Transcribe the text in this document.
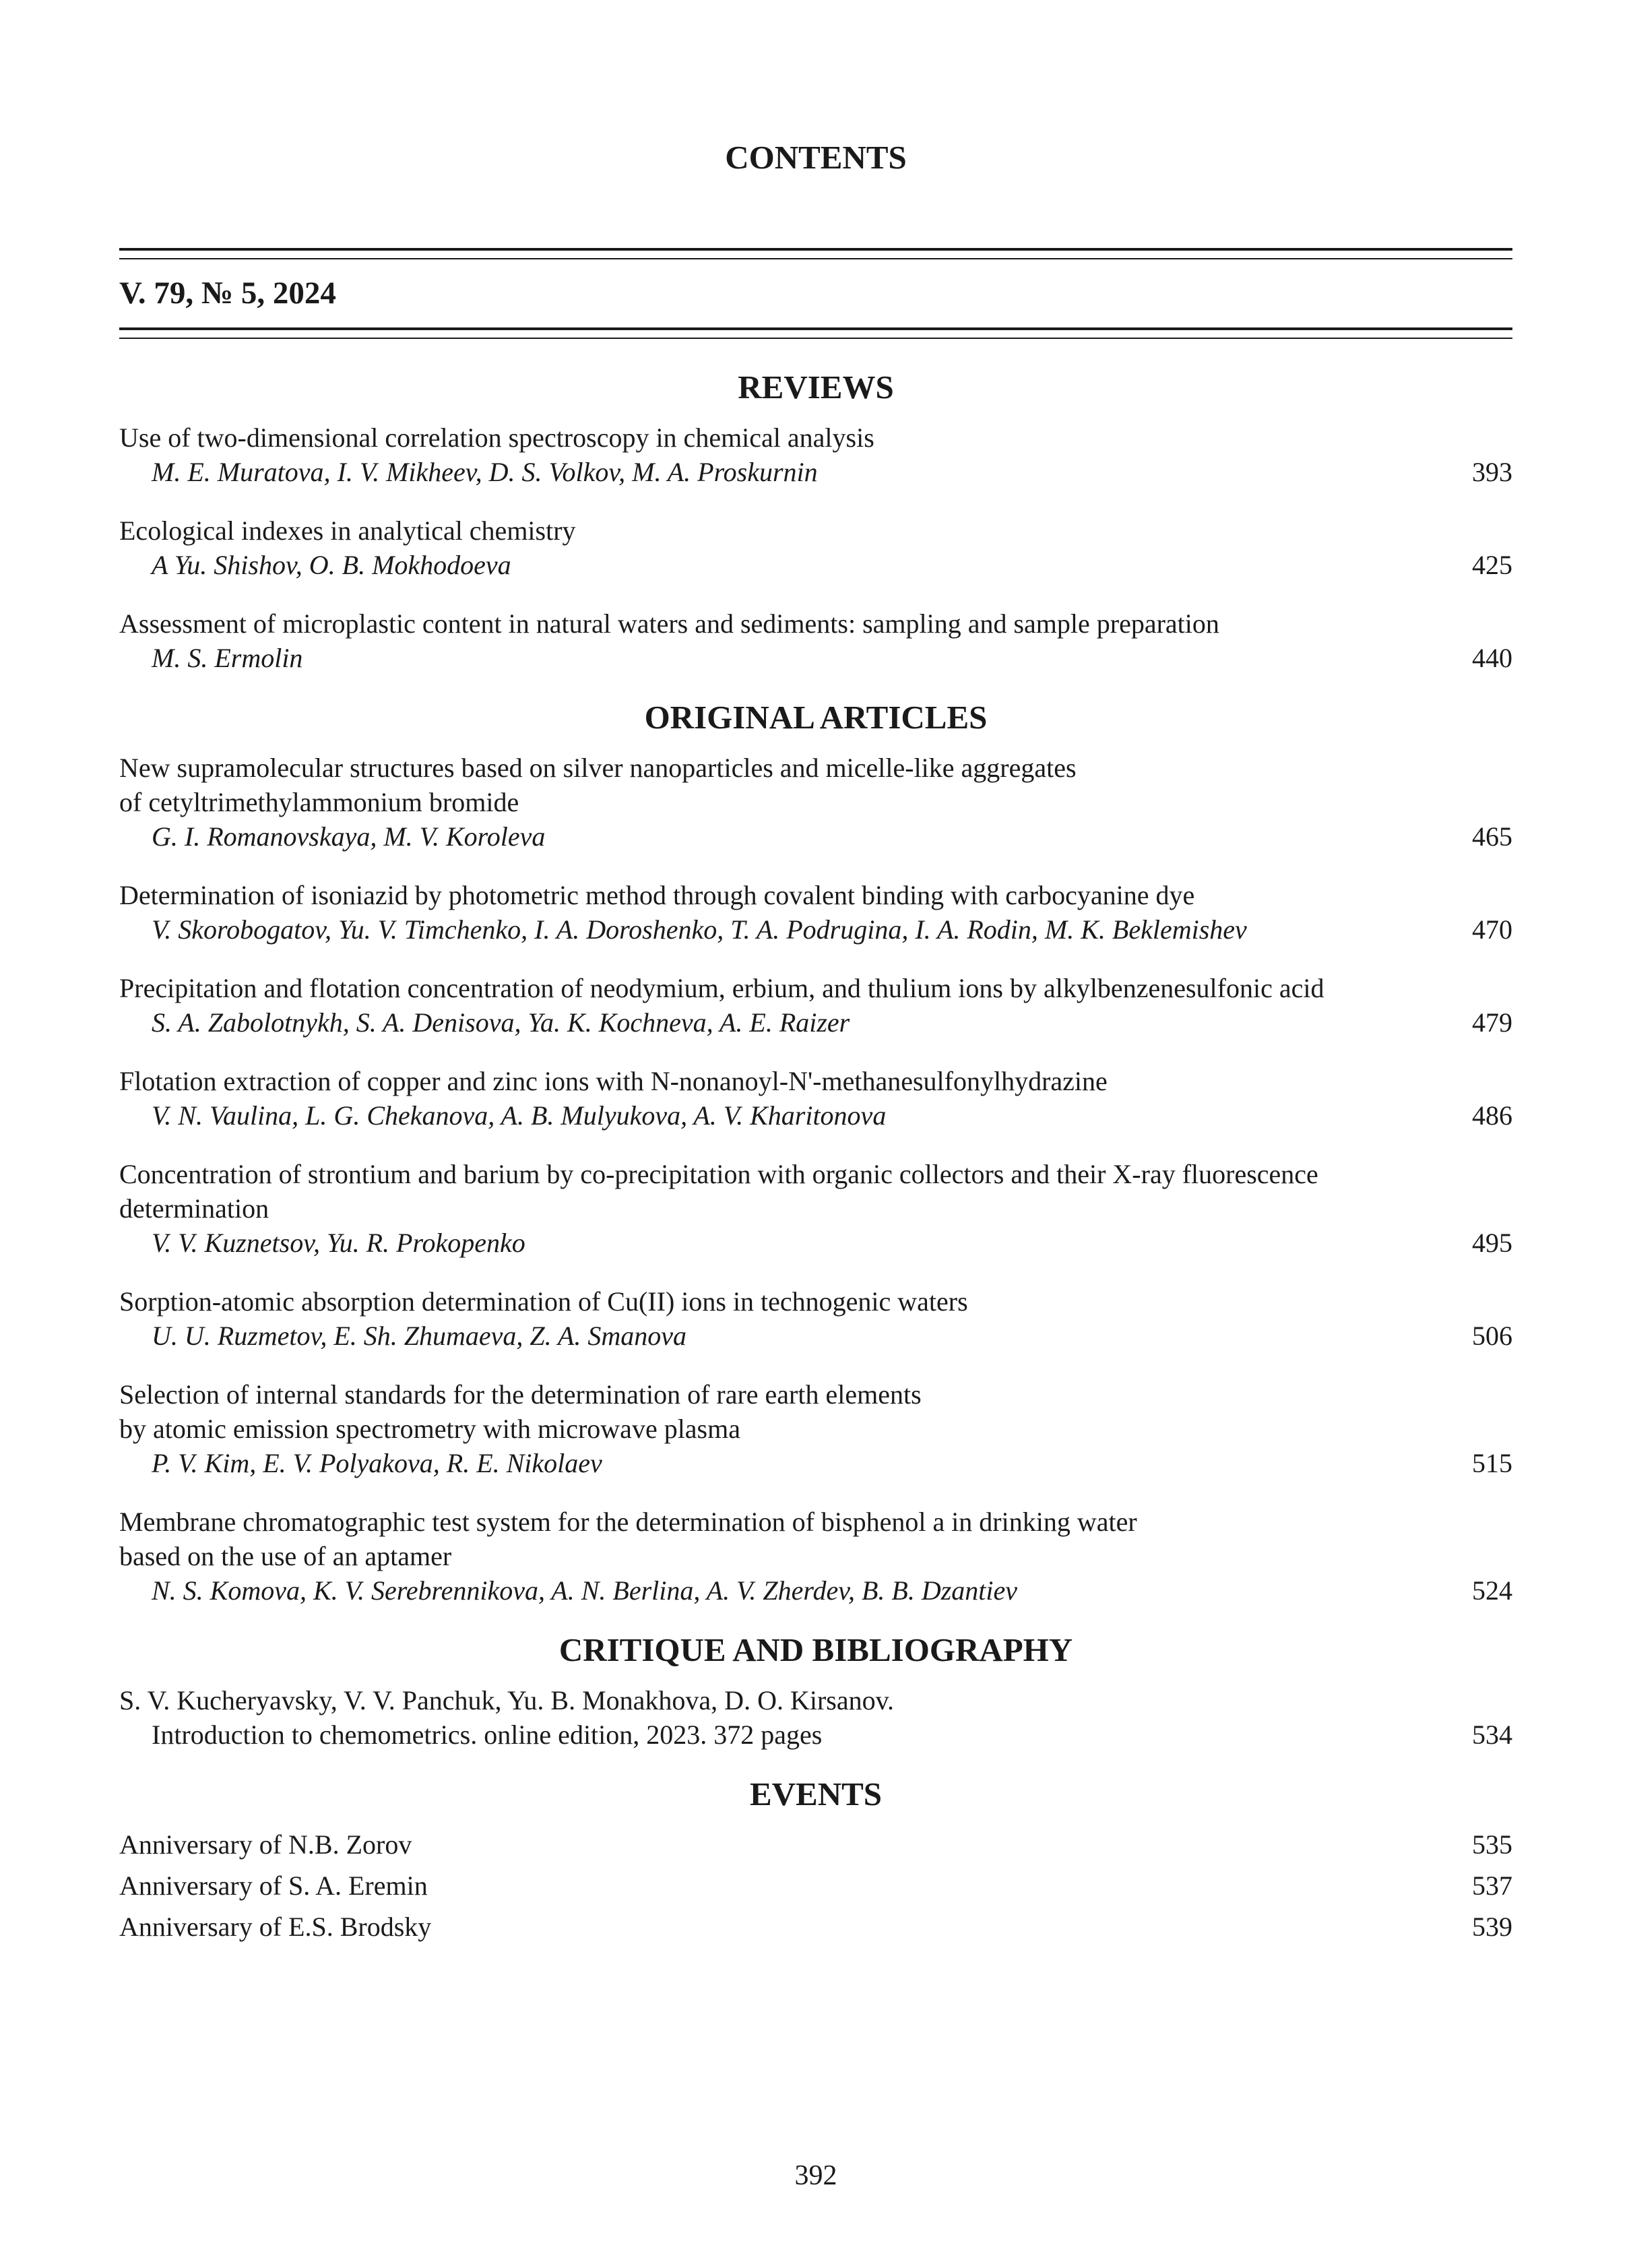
CONTENTS
V. 79, № 5, 2024
REVIEWS
Use of two-dimensional correlation spectroscopy in chemical analysis
M. E. Muratova, I. V. Mikheev, D. S. Volkov, M. A. Proskurnin	393
Ecological indexes in analytical chemistry
A Yu. Shishov, O. B. Mokhodoeva	425
Assessment of microplastic content in natural waters and sediments: sampling and sample preparation
M. S. Ermolin	440
ORIGINAL ARTICLES
New supramolecular structures based on silver nanoparticles and micelle-like aggregates
of cetyltrimethylammonium bromide
G. I. Romanovskaya, M. V. Koroleva	465
Determination of isoniazid by photometric method through covalent binding with carbocyanine dye
V. Skorobogatov, Yu. V. Timchenko, I. A. Doroshenko, T. A. Podrugina, I. A. Rodin, M. K. Beklemishev	470
Precipitation and flotation concentration of neodymium, erbium, and thulium ions by alkylbenzenesulfonic acid
S. A. Zabolotnykh, S. A. Denisova, Ya. K. Kochneva, A. E. Raizer	479
Flotation extraction of copper and zinc ions with N-nonanoyl-N'-methanesulfonylhydrazine
V. N. Vaulina, L. G. Chekanova, A. B. Mulyukova, A. V. Kharitonova	486
Concentration of strontium and barium by co-precipitation with organic collectors and their X-ray fluorescence
determination
V. V. Kuznetsov, Yu. R. Prokopenko	495
Sorption-atomic absorption determination of Cu(II) ions in technogenic waters
U. U. Ruzmetov, E. Sh. Zhumaeva, Z. A. Smanova	506
Selection of internal standards for the determination of rare earth elements
by atomic emission spectrometry with microwave plasma
P. V. Kim, E. V. Polyakova, R. E. Nikolaev	515
Membrane chromatographic test system for the determination of bisphenol a in drinking water
based on the use of an aptamer
N. S. Komova, K. V. Serebrennikova, A. N. Berlina, A. V. Zherdev, B. B. Dzantiev	524
CRITIQUE AND BIBLIOGRAPHY
S. V. Kucheryavsky, V. V. Panchuk, Yu. B. Monakhova, D. O. Kirsanov.
Introduction to chemometrics. online edition, 2023. 372 pages	534
EVENTS
Anniversary of N.B. Zorov	535
Anniversary of S. A. Eremin	537
Anniversary of E.S. Brodsky	539
392
